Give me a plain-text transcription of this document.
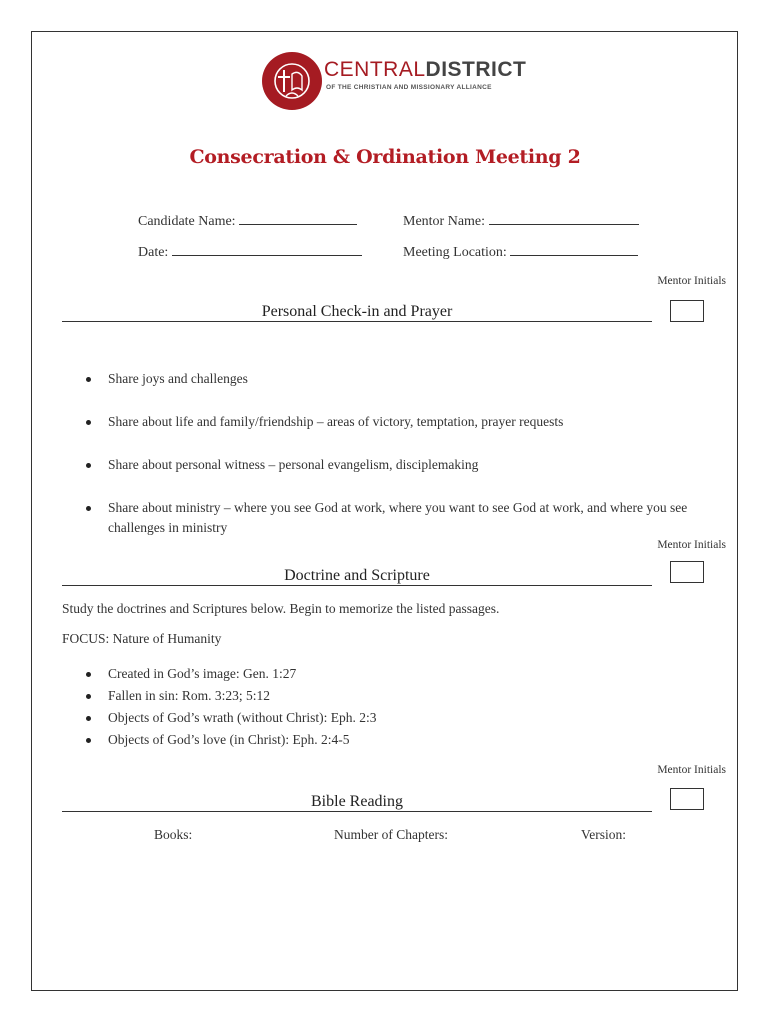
CENTRALDISTRICT
OF THE CHRISTIAN AND MISSIONARY ALLIANCE
Consecration & Ordination Meeting 2
Candidate Name:	Mentor Name:
Date:	Meeting Location:
Mentor Initials
Personal Check-in and Prayer
Share joys and challenges
Share about life and family/friendship – areas of victory, temptation, prayer requests
Share about personal witness – personal evangelism, disciplemaking
Share about ministry – where you see God at work, where you want to see God at work, and where you see challenges in ministry
Mentor Initials
Doctrine and Scripture
Study the doctrines and Scriptures below. Begin to memorize the listed passages.
FOCUS: Nature of Humanity
Created in God’s image: Gen. 1:27
Fallen in sin: Rom. 3:23; 5:12
Objects of God’s wrath (without Christ): Eph. 2:3
Objects of God’s love (in Christ): Eph. 2:4-5
Mentor Initials
Bible Reading
Books:	Number of Chapters:	Version:
